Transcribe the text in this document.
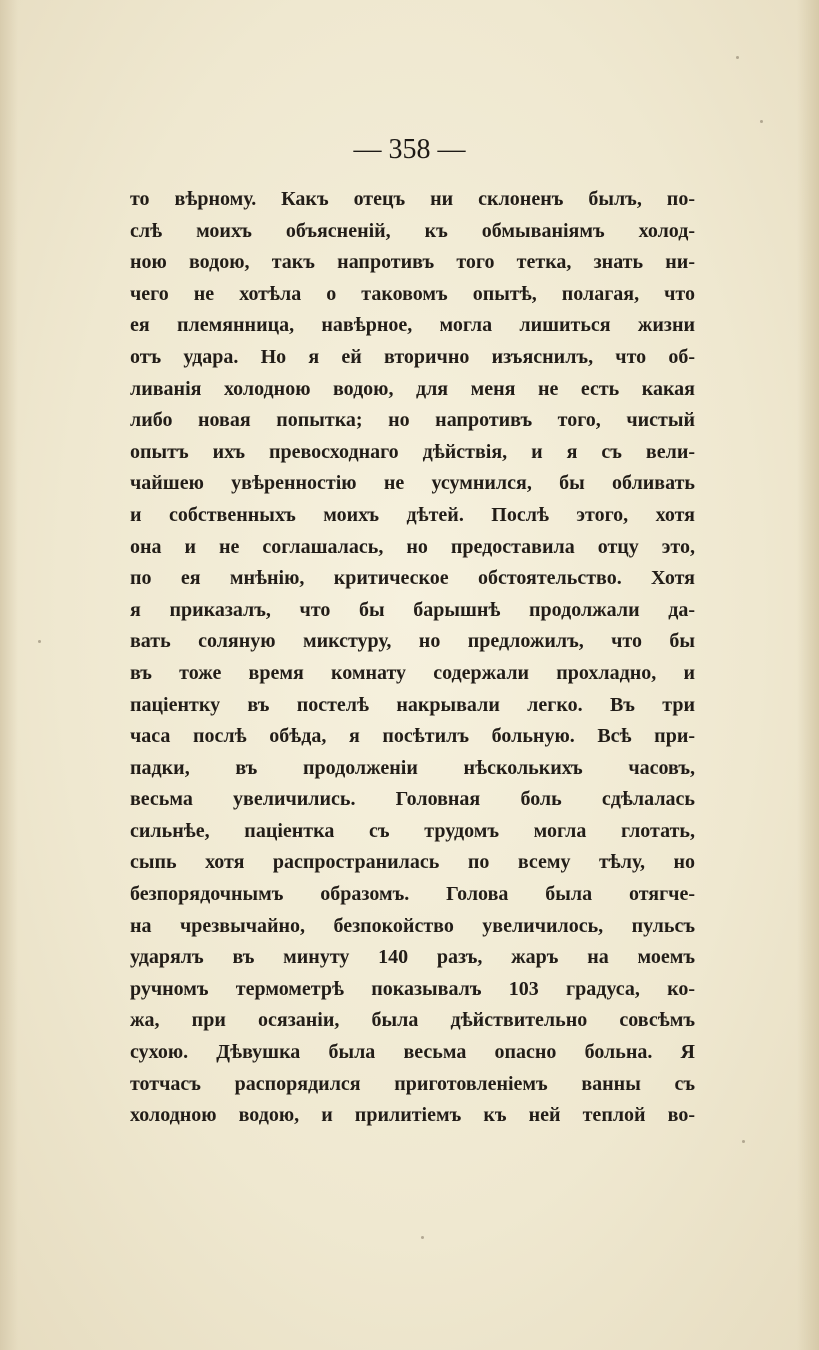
— 358 —
то вѣрному. Какъ отецъ ни склоненъ былъ, по-
слѣ моихъ объясненій, къ обмыванiямъ холод-
ною водою, такъ напротивъ того тетка, знать ни-
чего не хотѣла о таковомъ опытѣ, полагая, что
ея племянница, навѣрное, могла лишиться жизни
отъ удара. Но я ей вторично изъяснилъ, что об-
ливанія холодною водою, для меня не есть какая
либо новая попытка; но напротивъ того, чистый
опытъ ихъ превосходнаго дѣйствія, и я съ вели-
чайшею увѣренностію не усумнился, бы обливать
и собственныхъ моихъ дѣтей. Послѣ этого, хотя
она и не соглашалась, но предоставила отцу это,
по ея мнѣнію, критическое обстоятельство. Хотя
я приказалъ, что бы барышнѣ продолжали да-
вать соляную микстуру, но предложилъ, что бы
въ тоже время комнату содержали прохладно, и
паціентку въ постелѣ накрывали легко. Въ три
часа послѣ обѣда, я посѣтилъ больную. Всѣ при-
падки, въ продолженіи нѣсколькихъ часовъ,
весьма увеличились. Головная боль сдѣлалась
сильнѣе, паціентка съ трудомъ могла глотать,
сыпь хотя распространилась по всему тѣлу, но
безпорядочнымъ образомъ. Голова была отягче-
на чрезвычайно, безпокойство увеличилось, пульсъ
ударялъ въ минуту 140 разъ, жаръ на моемъ
ручномъ термометрѣ показывалъ 103 градуса, ко-
жа, при осязаніи, была дѣйствительно совсѣмъ
сухою. Дѣвушка была весьма опасно больна. Я
тотчасъ распорядился приготовленіемъ ванны съ
холодною водою, и прилитіемъ къ ней теплой во-
